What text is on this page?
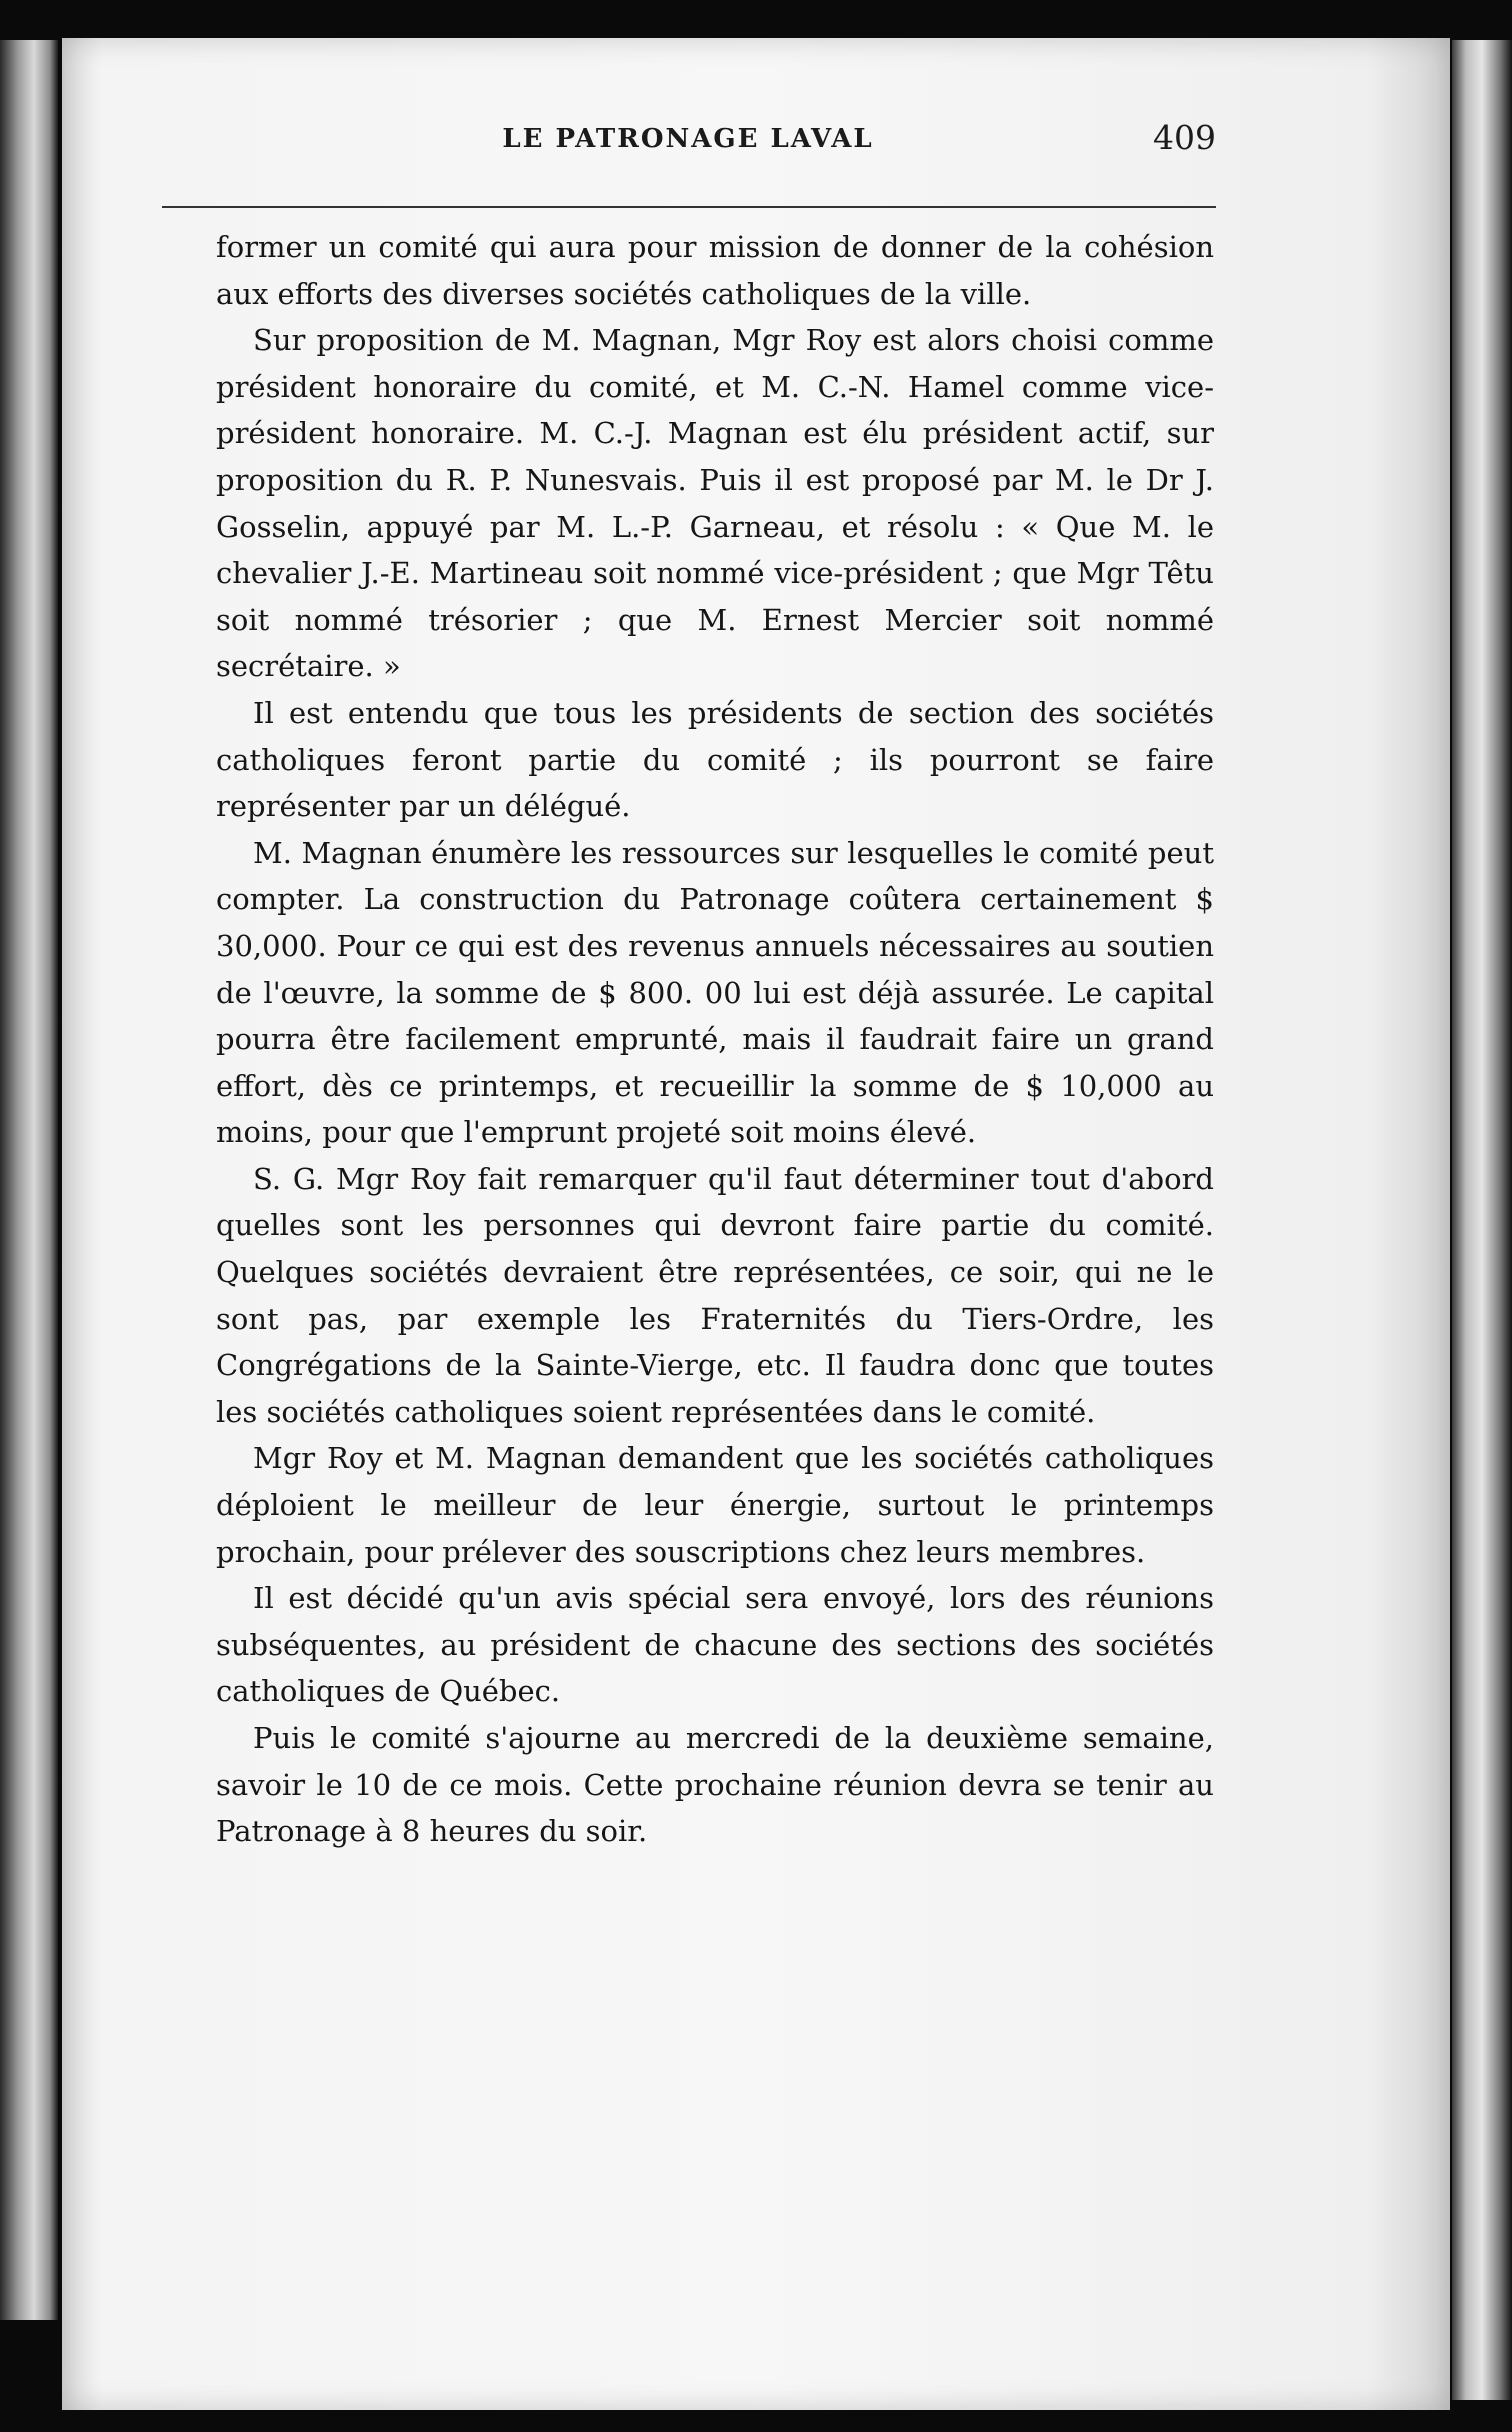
LE PATRONAGE LAVAL	409

former un comité qui aura pour mission de donner de la cohésion aux efforts des diverses sociétés catholiques de la ville.

Sur proposition de M. Magnan, Mgr Roy est alors choisi comme président honoraire du comité, et M. C.-N. Hamel comme vice-président honoraire. M. C.-J. Magnan est élu président actif, sur proposition du R. P. Nunesvais. Puis il est proposé par M. le Dr J. Gosselin, appuyé par M. L.-P. Garneau, et résolu : « Que M. le chevalier J.-E. Martineau soit nommé vice-président ; que Mgr Têtu soit nommé trésorier ; que M. Ernest Mercier soit nommé secrétaire. »

Il est entendu que tous les présidents de section des sociétés catholiques feront partie du comité ; ils pourront se faire représenter par un délégué.

M. Magnan énumère les ressources sur lesquelles le comité peut compter. La construction du Patronage coûtera certainement $ 30,000. Pour ce qui est des revenus annuels nécessaires au soutien de l'œuvre, la somme de $ 800. 00 lui est déjà assurée. Le capital pourra être facilement emprunté, mais il faudrait faire un grand effort, dès ce printemps, et recueillir la somme de $ 10,000 au moins, pour que l'emprunt projeté soit moins élevé.

S. G. Mgr Roy fait remarquer qu'il faut déterminer tout d'abord quelles sont les personnes qui devront faire partie du comité. Quelques sociétés devraient être représentées, ce soir, qui ne le sont pas, par exemple les Fraternités du Tiers-Ordre, les Congrégations de la Sainte-Vierge, etc. Il faudra donc que toutes les sociétés catholiques soient représentées dans le comité.

Mgr Roy et M. Magnan demandent que les sociétés catholiques déploient le meilleur de leur énergie, surtout le printemps prochain, pour prélever des souscriptions chez leurs membres.

Il est décidé qu'un avis spécial sera envoyé, lors des réunions subséquentes, au président de chacune des sections des sociétés catholiques de Québec.

Puis le comité s'ajourne au mercredi de la deuxième semaine, savoir le 10 de ce mois. Cette prochaine réunion devra se tenir au Patronage à 8 heures du soir.
